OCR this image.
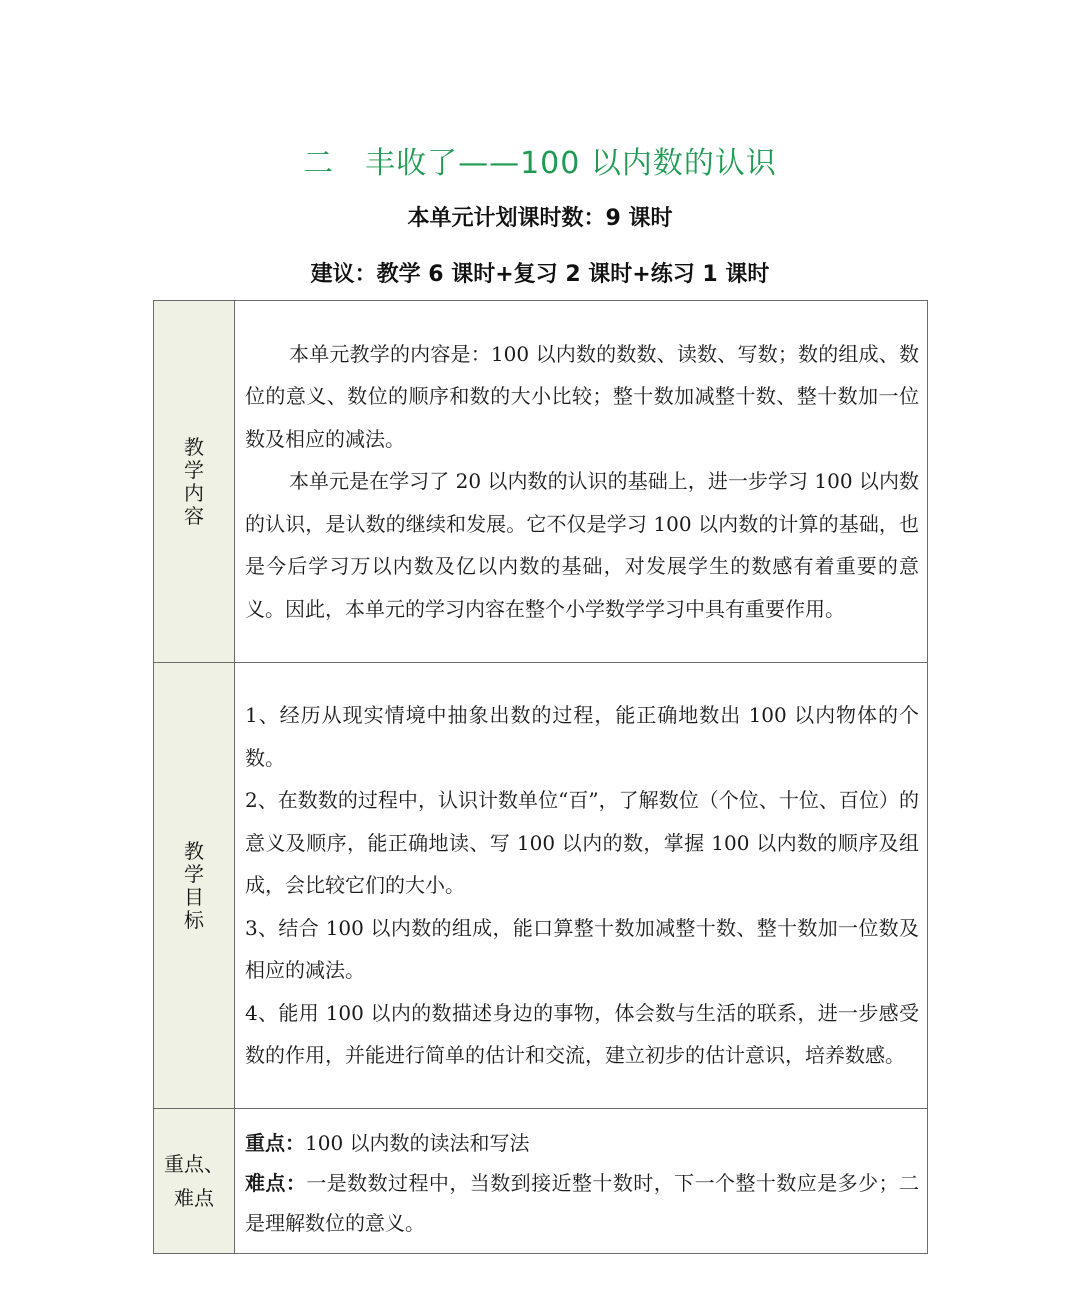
二　丰收了——100 以内数的认识
本单元计划课时数：9 课时
建议：教学 6 课时+复习 2 课时+练习 1 课时
教学内容	本单元教学的内容是：100 以内数的数数、读数、写数；数的组成、数位的意义、数位的顺序和数的大小比较；整十数加减整十数、整十数加一位数及相应的减法。

本单元是在学习了 20 以内数的认识的基础上，进一步学习 100 以内数的认识，是认数的继续和发展。它不仅是学习 100 以内数的计算的基础，也是今后学习万以内数及亿以内数的基础，对发展学生的数感有着重要的意义。因此，本单元的学习内容在整个小学数学学习中具有重要作用。

教学目标	1、经历从现实情境中抽象出数的过程，能正确地数出 100 以内物体的个数。

2、在数数的过程中，认识计数单位“百”，了解数位（个位、十位、百位）的意义及顺序，能正确地读、写 100 以内的数，掌握 100 以内数的顺序及组成，会比较它们的大小。

3、结合 100 以内数的组成，能口算整十数加减整十数、整十数加一位数及相应的减法。

4、能用 100 以内的数描述身边的事物，体会数与生活的联系，进一步感受数的作用，并能进行简单的估计和交流，建立初步的估计意识，培养数感。

重点、难点	重点：100 以内数的读法和写法

难点：一是数数过程中，当数到接近整十数时，下一个整十数应是多少；二是理解数位的意义。
